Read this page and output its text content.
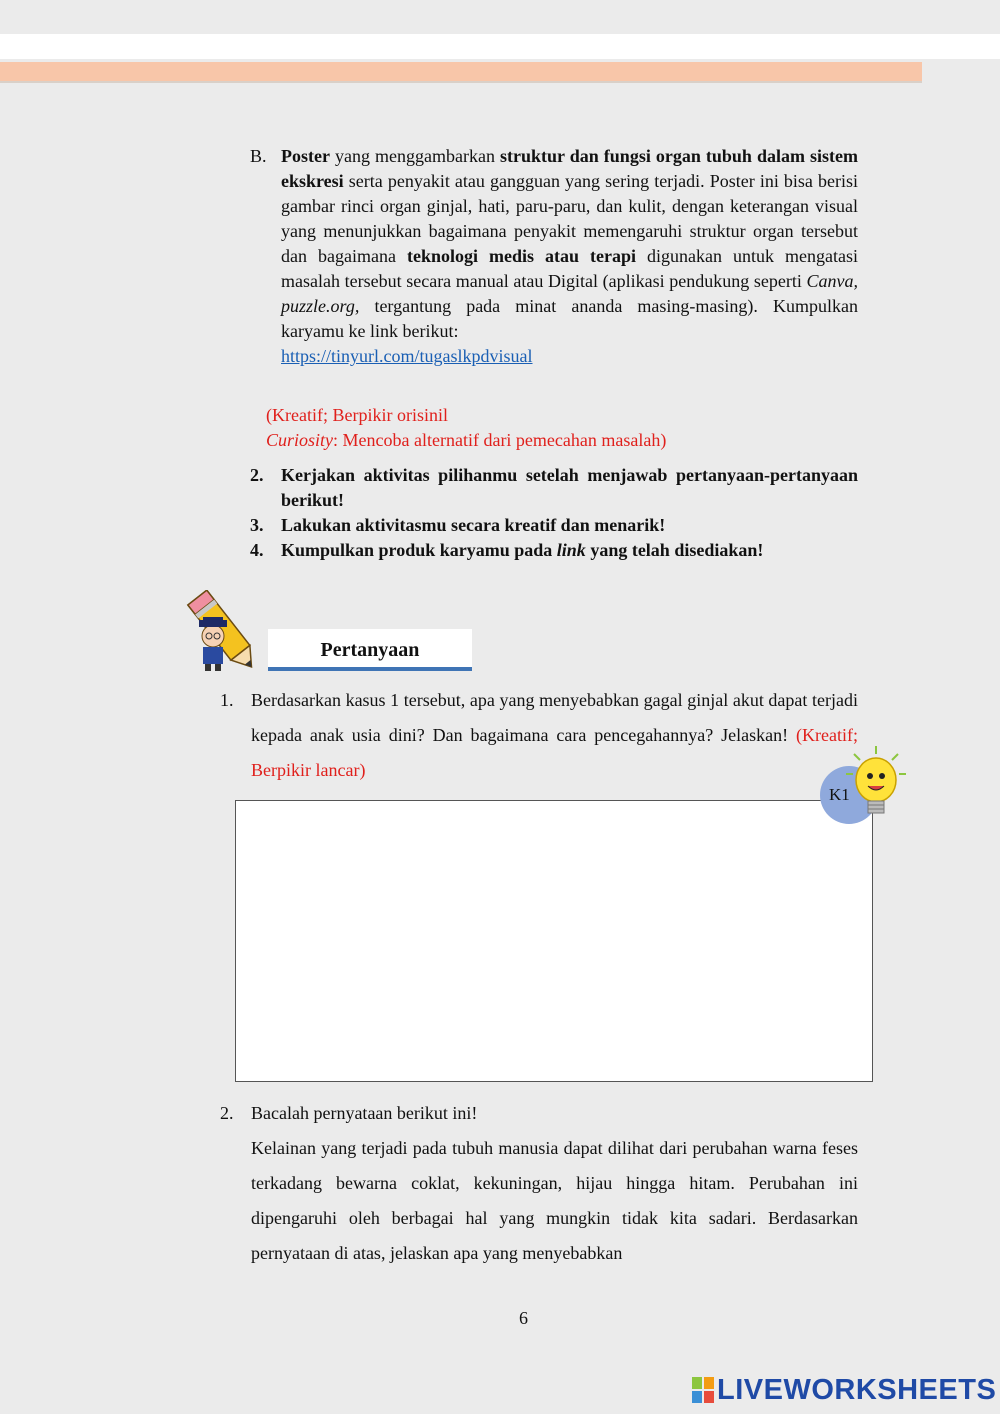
B. Poster yang menggambarkan struktur dan fungsi organ tubuh dalam sistem ekskresi serta penyakit atau gangguan yang sering terjadi. Poster ini bisa berisi gambar rinci organ ginjal, hati, paru-paru, dan kulit, dengan keterangan visual yang menunjukkan bagaimana penyakit memengaruhi struktur organ tersebut dan bagaimana teknologi medis atau terapi digunakan untuk mengatasi masalah tersebut secara manual atau Digital (aplikasi pendukung seperti Canva, puzzle.org, tergantung pada minat ananda masing-masing). Kumpulkan karyamu ke link berikut:
https://tinyurl.com/tugaslkpdvisual
(Kreatif; Berpikir orisinil
Curiosity: Mencoba alternatif dari pemecahan masalah)
2. Kerjakan aktivitas pilihanmu setelah menjawab pertanyaan-pertanyaan berikut!
3. Lakukan aktivitasmu secara kreatif dan menarik!
4. Kumpulkan produk karyamu pada link yang telah disediakan!
Pertanyaan
1. Berdasarkan kasus 1 tersebut, apa yang menyebabkan gagal ginjal akut dapat terjadi kepada anak usia dini? Dan bagaimana cara pencegahannya? Jelaskan! (Kreatif; Berpikir lancar)
K1
2. Bacalah pernyataan berikut ini!
Kelainan yang terjadi pada tubuh manusia dapat dilihat dari perubahan warna feses terkadang bewarna coklat, kekuningan, hijau hingga hitam. Perubahan ini dipengaruhi oleh berbagai hal yang mungkin tidak kita sadari. Berdasarkan pernyataan di atas, jelaskan apa yang menyebabkan
6
LIVEWORKSHEETS
